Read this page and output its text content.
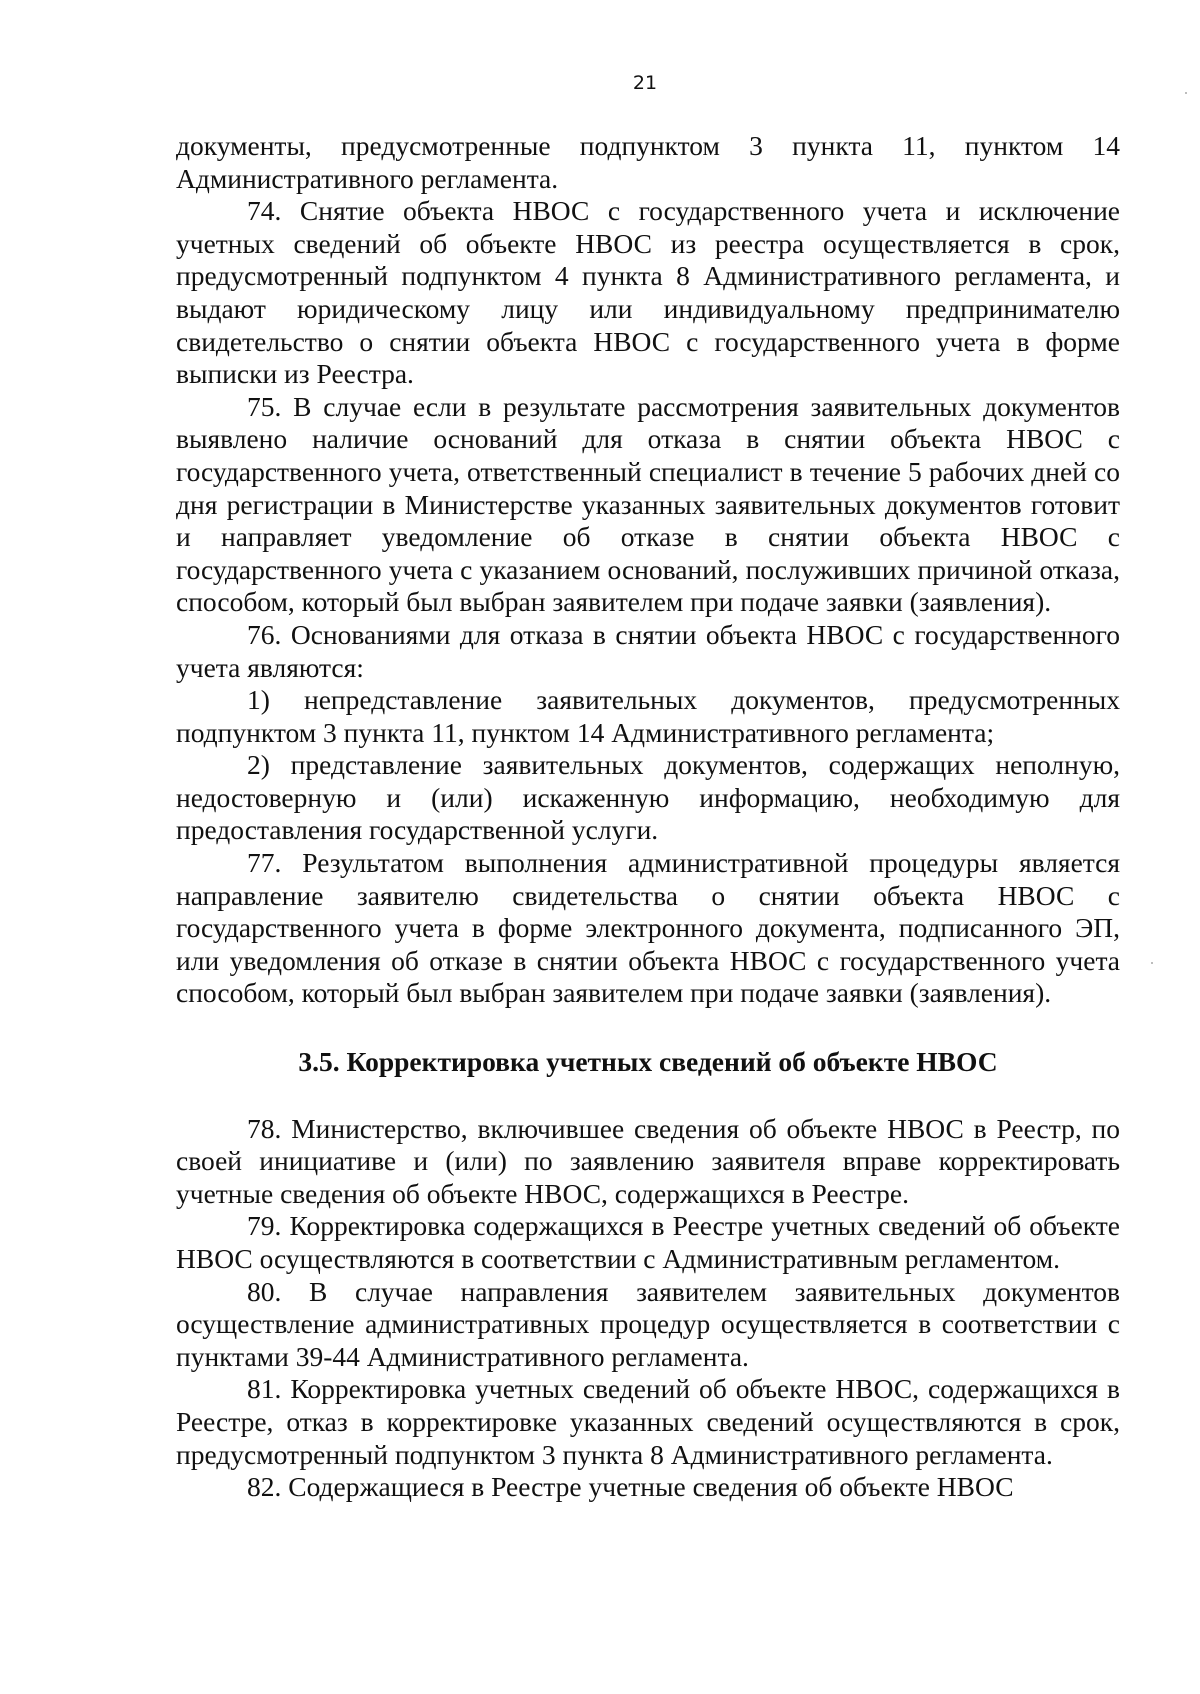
21

документы, предусмотренные подпунктом 3 пункта 11, пунктом 14 Административного регламента.

74. Снятие объекта НВОС с государственного учета и исключение учетных сведений об объекте НВОС из реестра осуществляется в срок, предусмотренный подпунктом 4 пункта 8 Административного регламента, и выдают юридическому лицу или индивидуальному предпринимателю свидетельство о снятии объекта НВОС с государственного учета в форме выписки из Реестра.

75. В случае если в результате рассмотрения заявительных документов выявлено наличие оснований для отказа в снятии объекта НВОС с государственного учета, ответственный специалист в течение 5 рабочих дней со дня регистрации в Министерстве указанных заявительных документов готовит и направляет уведомление об отказе в снятии объекта НВОС с государственного учета с указанием оснований, послуживших причиной отказа, способом, который был выбран заявителем при подаче заявки (заявления).

76. Основаниями для отказа в снятии объекта НВОС с государственного учета являются:

1) непредставление заявительных документов, предусмотренных подпунктом 3 пункта 11, пунктом 14 Административного регламента;

2) представление заявительных документов, содержащих неполную, недостоверную и (или) искаженную информацию, необходимую для предоставления государственной услуги.

77. Результатом выполнения административной процедуры является направление заявителю свидетельства о снятии объекта НВОС с государственного учета в форме электронного документа, подписанного ЭП, или уведомления об отказе в снятии объекта НВОС с государственного учета способом, который был выбран заявителем при подаче заявки (заявления).

3.5. Корректировка учетных сведений об объекте НВОС

78. Министерство, включившее сведения об объекте НВОС в Реестр, по своей инициативе и (или) по заявлению заявителя вправе корректировать учетные сведения об объекте НВОС, содержащихся в Реестре.

79. Корректировка содержащихся в Реестре учетных сведений об объекте НВОС осуществляются в соответствии с Административным регламентом.

80. В случае направления заявителем заявительных документов осуществление административных процедур осуществляется в соответствии с пунктами 39-44 Административного регламента.

81. Корректировка учетных сведений об объекте НВОС, содержащихся в Реестре, отказ в корректировке указанных сведений осуществляются в срок, предусмотренный подпунктом 3 пункта 8 Административного регламента.

82. Содержащиеся в Реестре учетные сведения об объекте НВОС
